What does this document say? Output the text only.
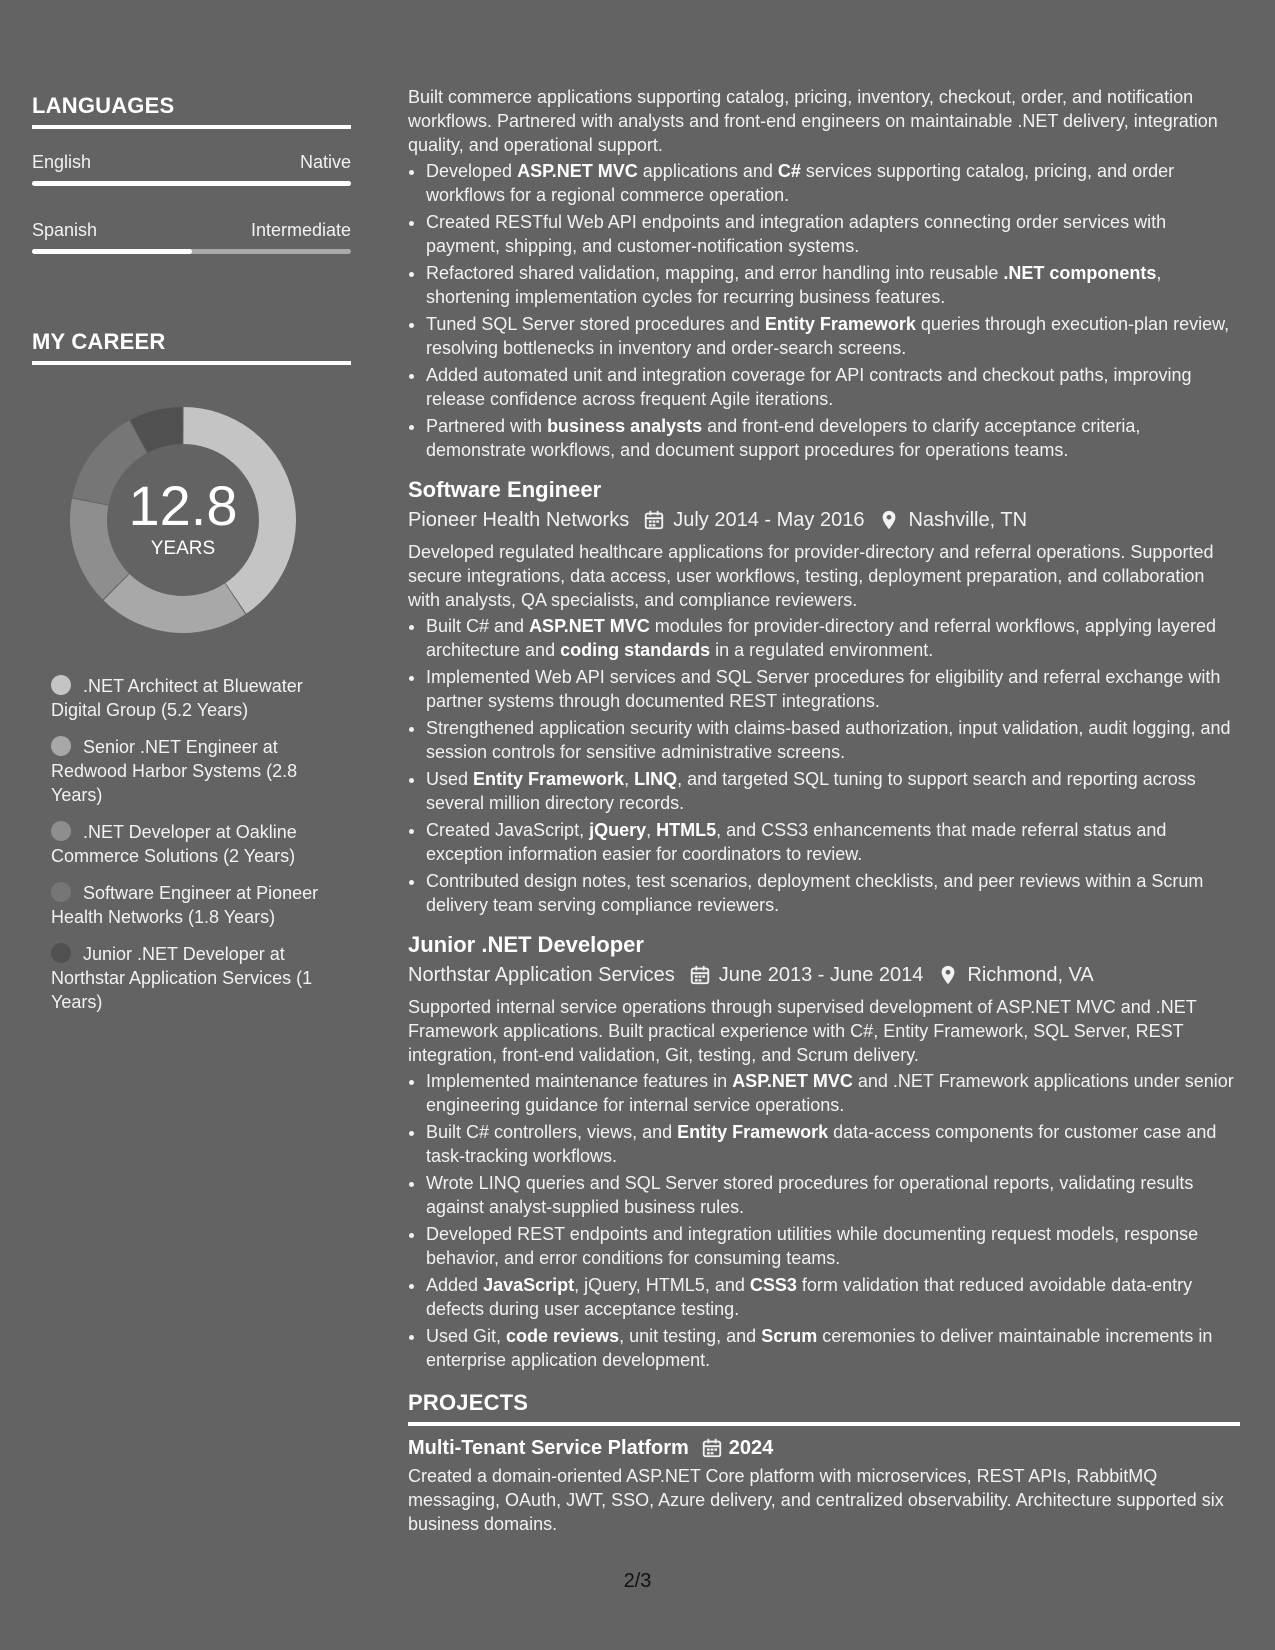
LANGUAGES
English	Native
Spanish	Intermediate
MY CAREER
12.8
YEARS
.NET Architect at Bluewater Digital Group (5.2 Years)
Senior .NET Engineer at Redwood Harbor Systems (2.8 Years)
.NET Developer at Oakline Commerce Solutions (2 Years)
Software Engineer at Pioneer Health Networks (1.8 Years)
Junior .NET Developer at Northstar Application Services (1 Years)

Built commerce applications supporting catalog, pricing, inventory, checkout, order, and notification workflows. Partnered with analysts and front-end engineers on maintainable .NET delivery, integration quality, and operational support.

• Developed ASP.NET MVC applications and C# services supporting catalog, pricing, and order workflows for a regional commerce operation.
• Created RESTful Web API endpoints and integration adapters connecting order services with payment, shipping, and customer-notification systems.
• Refactored shared validation, mapping, and error handling into reusable .NET components, shortening implementation cycles for recurring business features.
• Tuned SQL Server stored procedures and Entity Framework queries through execution-plan review, resolving bottlenecks in inventory and order-search screens.
• Added automated unit and integration coverage for API contracts and checkout paths, improving release confidence across frequent Agile iterations.
• Partnered with business analysts and front-end developers to clarify acceptance criteria, demonstrate workflows, and document support procedures for operations teams.
Software Engineer
Pioneer Health Networks July 2014 - May 2016 Nashville, TN

Developed regulated healthcare applications for provider-directory and referral operations. Supported secure integrations, data access, user workflows, testing, deployment preparation, and collaboration with analysts, QA specialists, and compliance reviewers.

• Built C# and ASP.NET MVC modules for provider-directory and referral workflows, applying layered architecture and coding standards in a regulated environment.
• Implemented Web API services and SQL Server procedures for eligibility and referral exchange with partner systems through documented REST integrations.
• Strengthened application security with claims-based authorization, input validation, audit logging, and session controls for sensitive administrative screens.
• Used Entity Framework, LINQ, and targeted SQL tuning to support search and reporting across several million directory records.
• Created JavaScript, jQuery, HTML5, and CSS3 enhancements that made referral status and exception information easier for coordinators to review.
• Contributed design notes, test scenarios, deployment checklists, and peer reviews within a Scrum delivery team serving compliance reviewers.
Junior .NET Developer
Northstar Application Services June 2013 - June 2014 Richmond, VA

Supported internal service operations through supervised development of ASP.NET MVC and .NET Framework applications. Built practical experience with C#, Entity Framework, SQL Server, REST integration, front-end validation, Git, testing, and Scrum delivery.

• Implemented maintenance features in ASP.NET MVC and .NET Framework applications under senior engineering guidance for internal service operations.
• Built C# controllers, views, and Entity Framework data-access components for customer case and task-tracking workflows.
• Wrote LINQ queries and SQL Server stored procedures for operational reports, validating results against analyst-supplied business rules.
• Developed REST endpoints and integration utilities while documenting request models, response behavior, and error conditions for consuming teams.
• Added JavaScript, jQuery, HTML5, and CSS3 form validation that reduced avoidable data-entry defects during user acceptance testing.
• Used Git, code reviews, unit testing, and Scrum ceremonies to deliver maintainable increments in enterprise application development.
PROJECTS
Multi-Tenant Service Platform 2024

Created a domain-oriented ASP.NET Core platform with microservices, REST APIs, RabbitMQ messaging, OAuth, JWT, SSO, Azure delivery, and centralized observability. Architecture supported six business domains.

2/3
